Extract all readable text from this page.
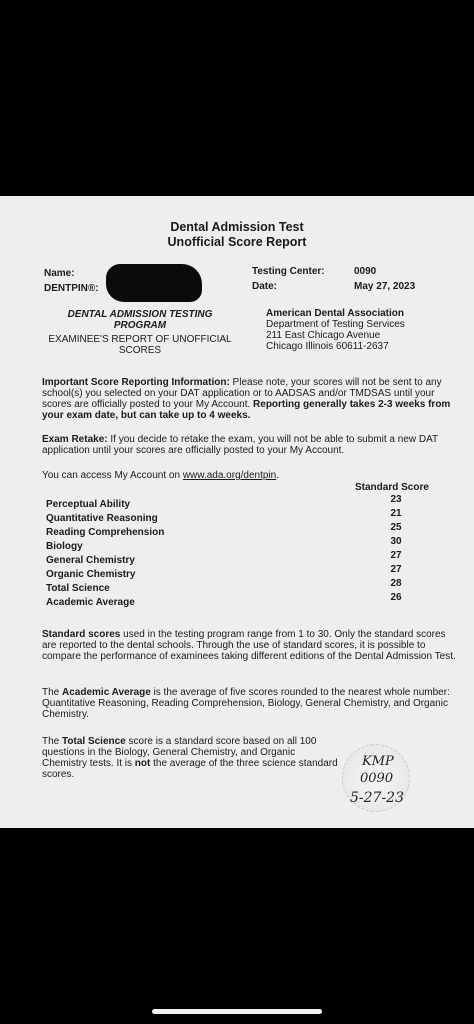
Dental Admission Test
Unofficial Score Report
Name:
DENTPIN®:
Testing Center:	0090
Date:	May 27, 2023
DENTAL ADMISSION TESTING
PROGRAM
EXAMINEE'S REPORT OF UNOFFICIAL
SCORES
American Dental Association
Department of Testing Services
211 East Chicago Avenue
Chicago Illinois 60611-2637
Important Score Reporting Information: Please note, your scores will not be sent to any school(s) you selected on your DAT application or to AADSAS and/or TMDSAS until your scores are officially posted to your My Account. Reporting generally takes 2-3 weeks from your exam date, but can take up to 4 weeks.
Exam Retake: If you decide to retake the exam, you will not be able to submit a new DAT application until your scores are officially posted to your My Account.
You can access My Account on www.ada.org/dentpin.
Standard Score
Perceptual Ability	23
Quantitative Reasoning	21
Reading Comprehension	25
Biology	30
General Chemistry	27
Organic Chemistry	27
Total Science	28
Academic Average	26
Standard scores used in the testing program range from 1 to 30. Only the standard scores are reported to the dental schools. Through the use of standard scores, it is possible to compare the performance of examinees taking different editions of the Dental Admission Test.
The Academic Average is the average of five scores rounded to the nearest whole number: Quantitative Reasoning, Reading Comprehension, Biology, General Chemistry, and Organic Chemistry.
The Total Science score is a standard score based on all 100 questions in the Biology, General Chemistry, and Organic Chemistry tests. It is not the average of the three science standard scores.
KMP
0090
5-27-23
